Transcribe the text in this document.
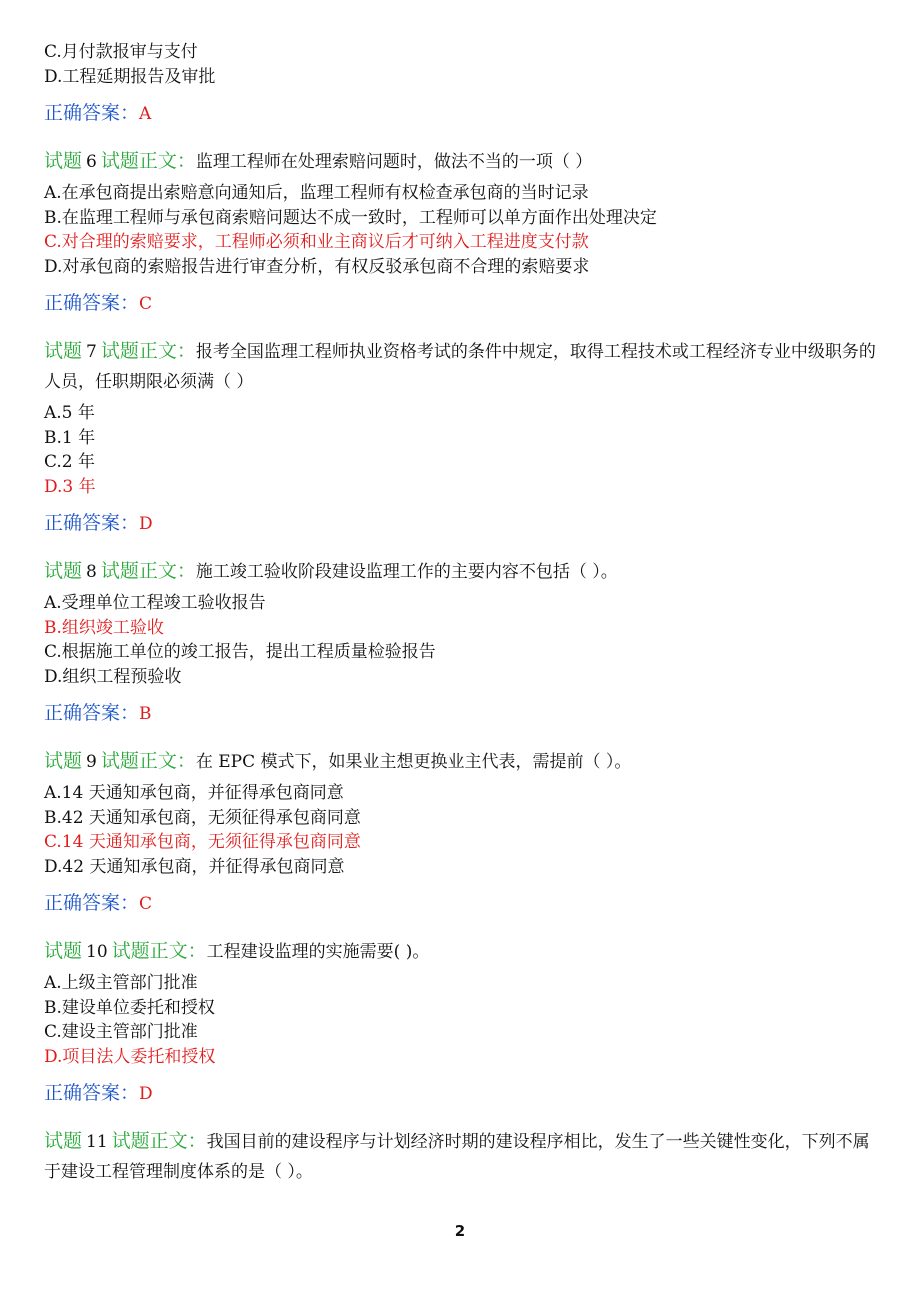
C.月付款报审与支付
D.工程延期报告及审批
正确答案：A
试题 6 试题正文：监理工程师在处理索赔问题时，做法不当的一项（ ）
A.在承包商提出索赔意向通知后，监理工程师有权检查承包商的当时记录
B.在监理工程师与承包商索赔问题达不成一致时，工程师可以单方面作出处理决定
C.对合理的索赔要求，工程师必须和业主商议后才可纳入工程进度支付款
D.对承包商的索赔报告进行审查分析，有权反驳承包商不合理的索赔要求
正确答案：C
试题 7 试题正文：报考全国监理工程师执业资格考试的条件中规定，取得工程技术或工程经济专业中级职务的人员，任职期限必须满（ ）
A.5 年
B.1 年
C.2 年
D.3 年
正确答案：D
试题 8 试题正文：施工竣工验收阶段建设监理工作的主要内容不包括（ ）。
A.受理单位工程竣工验收报告
B.组织竣工验收
C.根据施工单位的竣工报告，提出工程质量检验报告
D.组织工程预验收
正确答案：B
试题 9 试题正文：在 EPC 模式下，如果业主想更换业主代表，需提前（ ）。
A.14 天通知承包商，并征得承包商同意
B.42 天通知承包商，无须征得承包商同意
C.14 天通知承包商，无须征得承包商同意
D.42 天通知承包商，并征得承包商同意
正确答案：C
试题 10 试题正文：工程建设监理的实施需要( )。
A.上级主管部门批准
B.建设单位委托和授权
C.建设主管部门批准
D.项目法人委托和授权
正确答案：D
试题 11 试题正文：我国目前的建设程序与计划经济时期的建设程序相比，发生了一些关键性变化，下列不属于建设工程管理制度体系的是（ ）。
2
